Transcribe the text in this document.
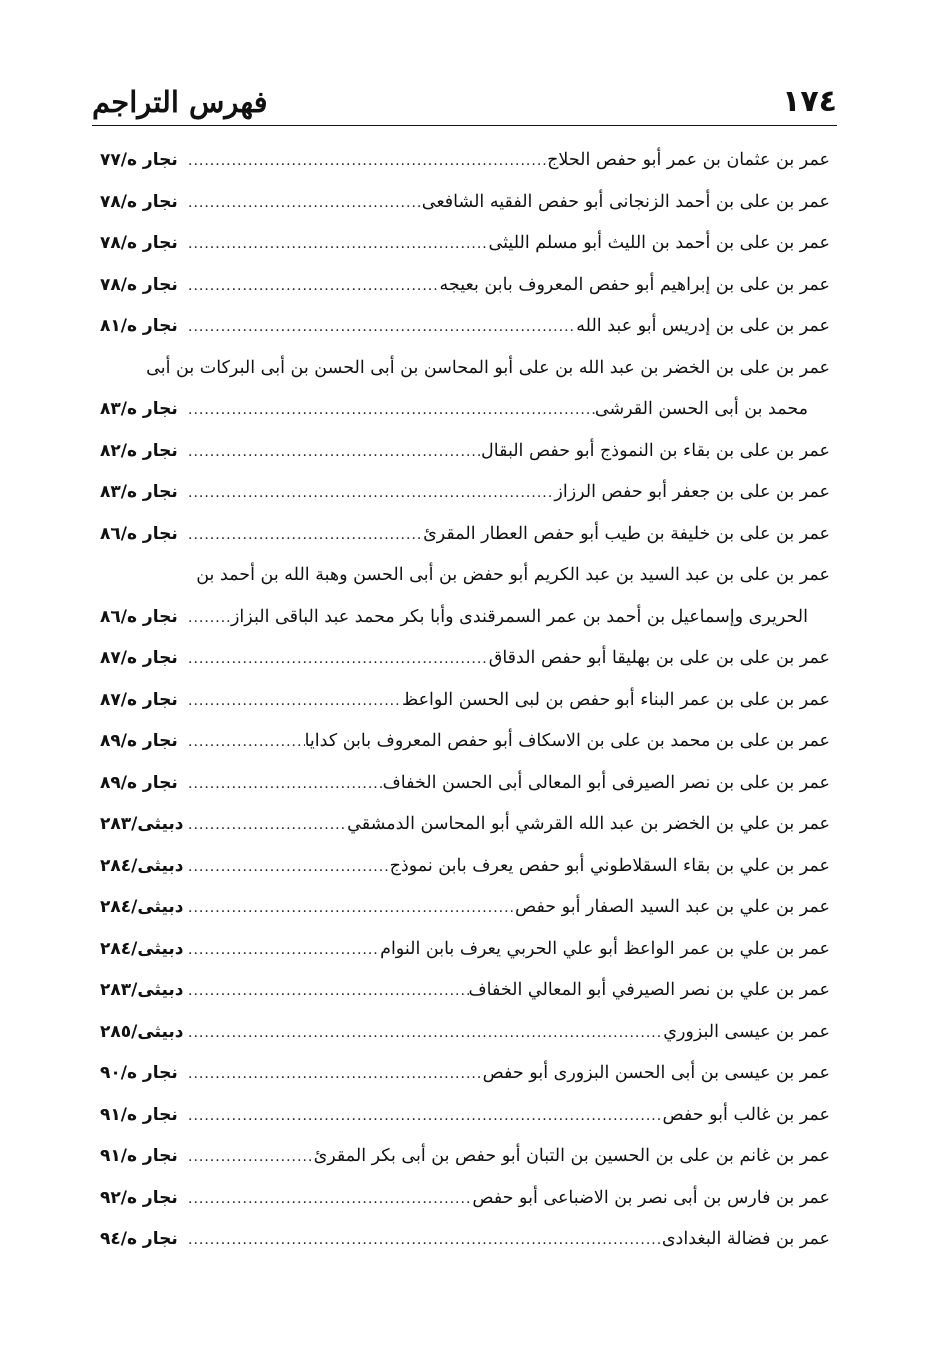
١٧٤
فهرس التراجم
عمر بن عثمان بن عمر أبو حفص الحلاج
.....
نجار ه/٧٧
عمر بن على بن أحمد الزنجانى أبو حفص الفقيه الشافعى
.....
نجار ه/٧٨
عمر بن على بن أحمد بن الليث أبو مسلم الليثى
.....
نجار ه/٧٨
عمر بن على بن إبراهيم أبو حفص المعروف بابن بعيجه
.....
نجار ه/٧٨
عمر بن على بن إدريس أبو عبد الله
.....
نجار ه/٨١
عمر بن على بن الخضر بن عبد الله بن على أبو المحاسن بن أبى الحسن بن أبى البركات بن أبى
محمد بن أبى الحسن القرشى
.....
نجار ه/٨٣
عمر بن على بن بقاء بن النموذج أبو حفص البقال
.....
نجار ه/٨٢
عمر بن على بن جعفر أبو حفص الرزاز
.....
نجار ه/٨٣
عمر بن على بن خليفة بن طيب أبو حفص العطار المقرئ
.....
نجار ه/٨٦
عمر بن على بن عبد السيد بن عبد الكريم أبو حفض بن أبى الحسن وهبة الله بن أحمد بن
الحريرى وإسماعيل بن أحمد بن عمر السمرقندى وأبا بكر محمد عبد الباقى البزاز
.....
نجار ه/٨٦
عمر بن على بن على بن بهليقا أبو حفص الدقاق
.....
نجار ه/٨٧
عمر بن على بن عمر البناء أبو حفص بن لبى الحسن الواعظ
.....
نجار ه/٨٧
عمر بن على بن محمد بن على بن الاسكاف أبو حفص المعروف بابن كدايا
.....
نجار ه/٨٩
عمر بن على بن نصر الصيرفى أبو المعالى أبى الحسن الخفاف
.....
نجار ه/٨٩
عمر بن علي بن الخضر بن عبد الله القرشي أبو المحاسن الدمشقي
.....
دبيثى/٢٨٣
عمر بن علي بن بقاء السقلاطوني أبو حفص يعرف بابن نموذج
.....
دبيثى/٢٨٤
عمر بن علي بن عبد السيد الصفار أبو حفص
.....
دبيثى/٢٨٤
عمر بن علي بن عمر الواعظ أبو علي الحربي يعرف بابن النوام
.....
دبيثى/٢٨٤
عمر بن علي بن نصر الصيرفي أبو المعالي الخفاف
.....
دبيثى/٢٨٣
عمر بن عيسى البزوري
.....
دبيثى/٢٨٥
عمر بن عيسى بن أبى الحسن البزورى أبو حفص
.....
نجار ه/٩٠
عمر بن غالب أبو حفص
.....
نجار ه/٩١
عمر بن غانم بن على بن الحسين بن التبان أبو حفص بن أبى بكر المقرئ
.....
نجار ه/٩١
عمر بن فارس بن أبى نصر بن الاضباعى أبو حفص
.....
نجار ه/٩٢
عمر بن فضالة البغدادى
.....
نجار ه/٩٤
